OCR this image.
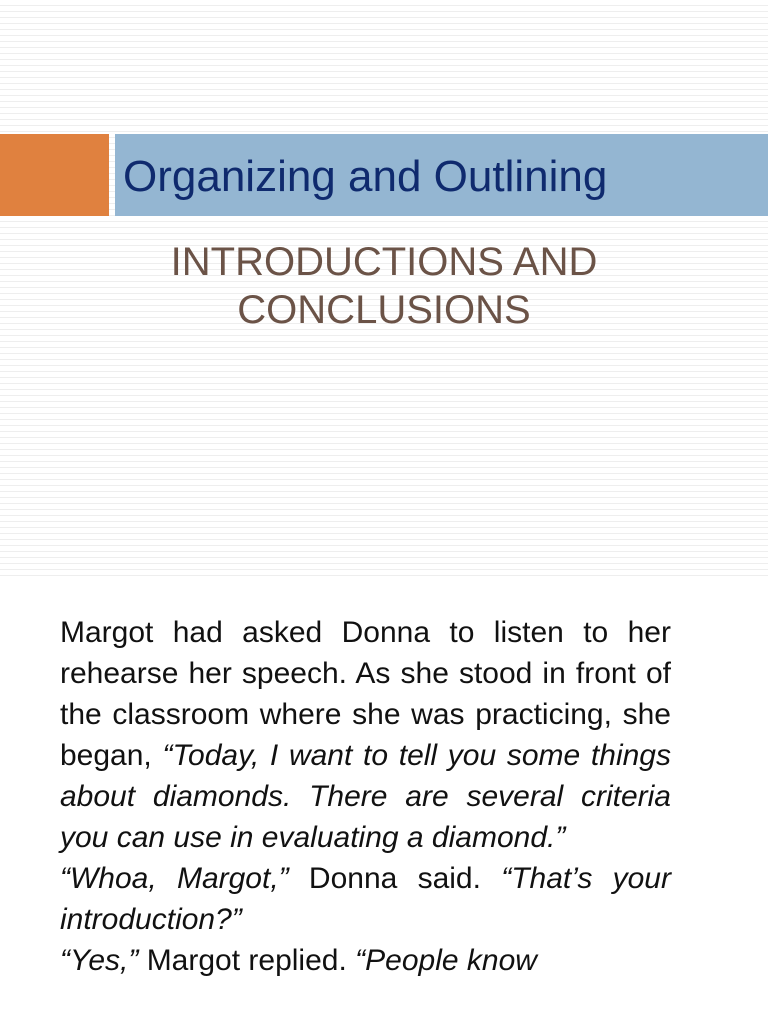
Organizing and Outlining
INTRODUCTIONS AND
CONCLUSIONS

Margot had asked Donna to listen to her rehearse her speech. As she stood in front of the classroom where she was practicing, she began, “Today, I want to tell you some things about diamonds. There are several criteria you can use in evaluating a diamond.”

“Whoa, Margot,” Donna said. “That’s your introduction?”

“Yes,” Margot replied. “People know
